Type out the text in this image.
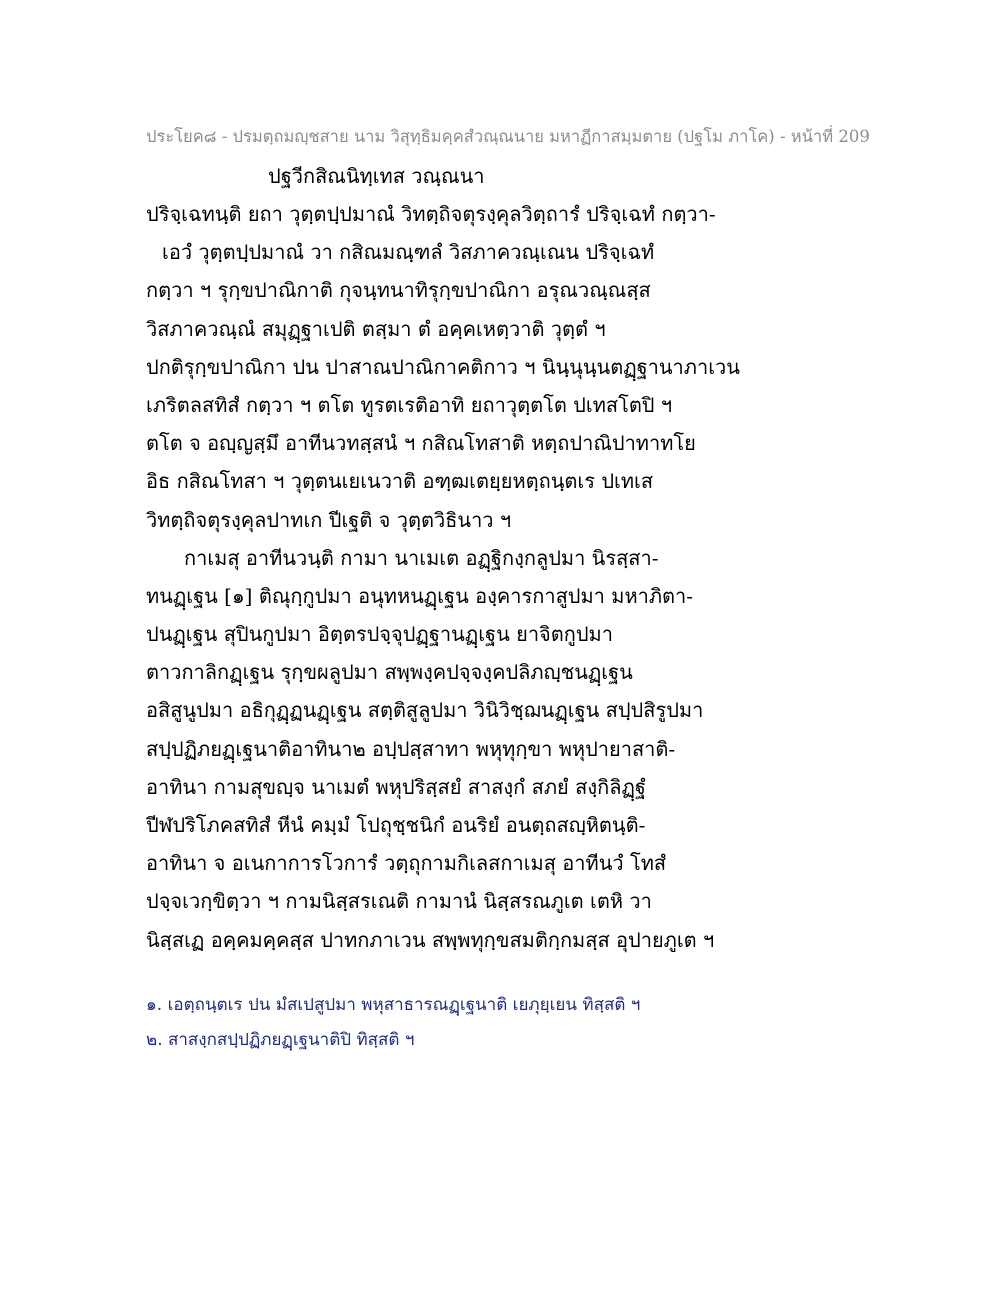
ประโยค๘ - ปรมตฺถมญฺชสาย นาม วิสุทฺธิมคฺคสํวณฺณนาย มหาฏีกาสมฺมตาย (ปฐโม ภาโค) - หน้าที่ 209
ปฐวีกสิณนิทฺเทส วณฺณนา
ปริจฺเฉทนฺติ ยถา วุตฺตปฺปมาณํ วิทตฺถิจตุรงฺคุลวิตฺถารํ ปริจฺเฉทํ กตฺวา-
เอวํ วุตฺตปฺปมาณํ วา กสิณมณฺฑลํ วิสภาควณฺเณน ปริจฺเฉทํ
กตฺวา ฯ รุกฺขปาณิกาติ กุจนฺทนาทิรุกฺขปาณิกา อรุณวณฺณสฺส
วิสภาควณฺณํ สมุฏฺฐาเปติ ตสฺมา ตํ อคฺคเหตฺวาติ วุตฺตํ ฯ
ปกติรุกฺขปาณิกา ปน ปาสาณปาณิกาคติกาว ฯ นินฺนุนฺนตฏฺฐานาภาเวน
เภริตลสทิสํ กตฺวา ฯ ตโต ทูรตเรติอาทิ ยถาวุตฺตโต ปเทสโตปิ ฯ
ตโต จ อญฺญสฺมึ อาทีนวทสฺสนํ ฯ กสิณโทสาติ หตฺถปาณิปาทาทโย
อิธ กสิณโทสา ฯ วุตฺตนเยเนวาติ อฑฺฒเตยฺยหตฺถนฺตเร ปเทเส
วิทตฺถิจตุรงฺคุลปาทเก ปีเฐติ จ วุตฺตวิธินาว ฯ
กาเมสุ อาทีนวนฺติ กามา นาเมเต อฏฺฐิกงฺกลูปมา นิรสฺสา-
ทนฏฺเฐน [๑] ติณุกฺกูปมา อนุทหนฏฺเฐน องฺคารกาสูปมา มหาภิตา-
ปนฏฺเฐน สุปินกูปมา อิตฺตรปจฺจุปฏฺฐานฏฺเฐน ยาจิตกูปมา
ตาวกาลิกฏฺเฐน รุกฺขผลูปมา สพฺพงฺคปจฺจงฺคปลิภญฺชนฏฺเฐน
อสิสูนูปมา อธิกุฏฺฏนฏฺเฐน สตฺติสูลูปมา วินิวิชฺฌนฏฺเฐน สปฺปสิรูปมา
สปฺปฏิภยฏฺเฐนาติอาทินา๒ อปฺปสฺสาทา พหุทุกฺขา พหุปายาสาติ-
อาทินา กามสุขญฺจ นาเมตํ พหุปริสฺสยํ สาสงฺกํ สภยํ สงฺกิลิฏฺฐํ
ปีฬปริโภคสทิสํ หีนํ คมฺมํ โปถุชฺชนิกํ อนริยํ อนตฺถสญฺหิตนฺติ-
อาทินา จ อเนกาการโวการํ วตฺถุกามกิเลสกาเมสุ อาทีนวํ โทสํ
ปจฺจเวกฺขิตฺวา ฯ กามนิสฺสรเณติ กามานํ นิสฺสรณภูเต เตหิ วา
นิสฺสเฏ อคฺคมคฺคสฺส ปาทกภาเวน สพฺพทุกฺขสมติกฺกมสฺส อุปายภูเต ฯ
๑. เอตฺถนฺตเร ปน มํสเปสูปมา พหุสาธารณฏฺเฐนาติ เยภุยฺเยน ทิสฺสติ ฯ
๒. สาสงฺกสปฺปฏิภยฏฺเฐนาติปิ ทิสฺสติ ฯ
